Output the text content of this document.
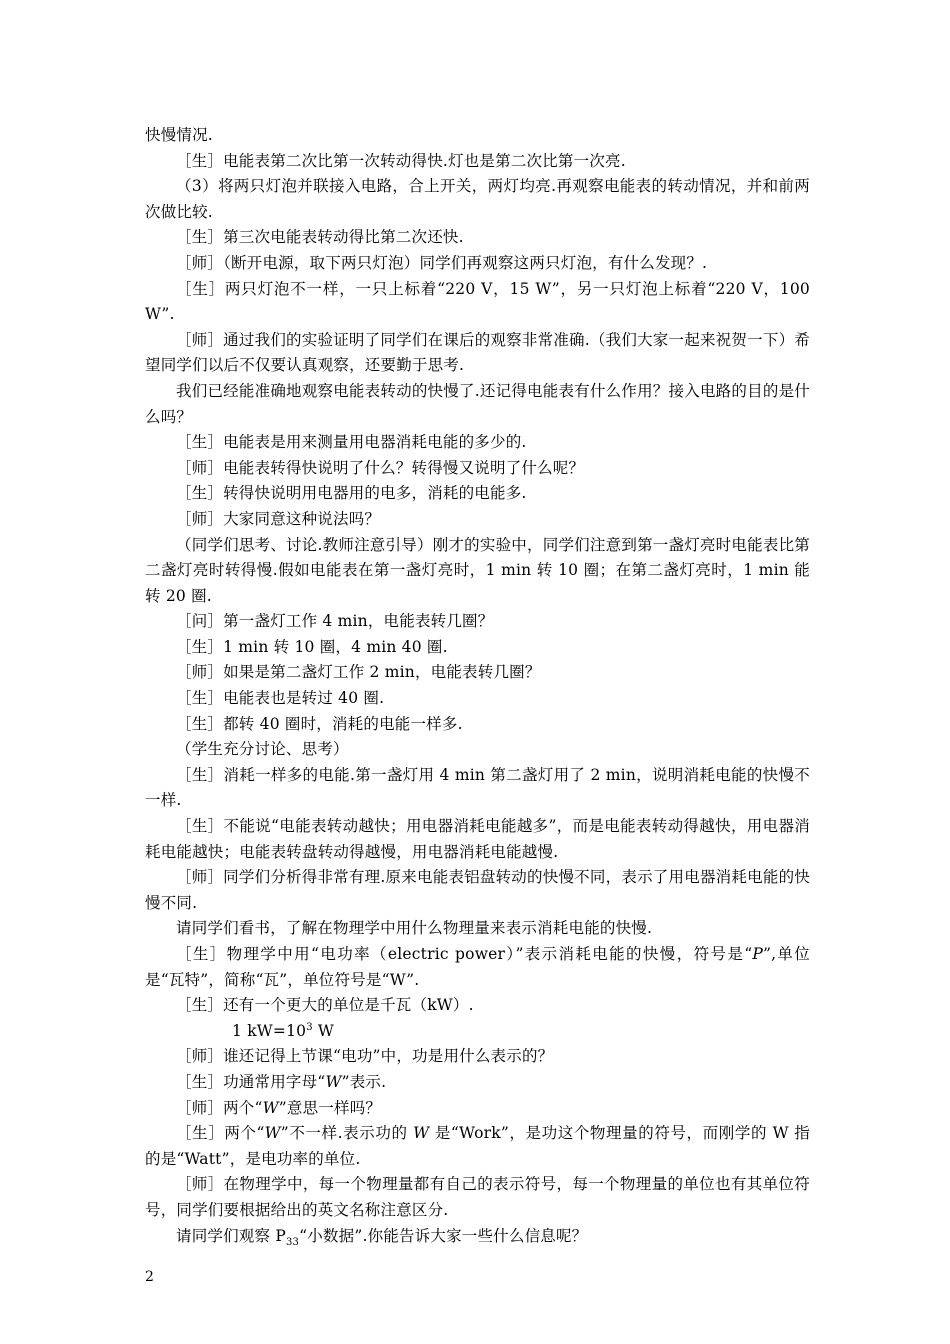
快慢情况.

［生］电能表第二次比第一次转动得快.灯也是第二次比第一次亮.

（3）将两只灯泡并联接入电路，合上开关，两灯均亮.再观察电能表的转动情况，并和前两次做比较.

［生］第三次电能表转动得比第二次还快.

［师］（断开电源，取下两只灯泡）同学们再观察这两只灯泡，有什么发现？.

［生］两只灯泡不一样，一只上标着“220 V，15 W”，另一只灯泡上标着“220 V，100 W”.

［师］通过我们的实验证明了同学们在课后的观察非常准确.（我们大家一起来祝贺一下）希望同学们以后不仅要认真观察，还要勤于思考.

我们已经能准确地观察电能表转动的快慢了.还记得电能表有什么作用？接入电路的目的是什么吗？

［生］电能表是用来测量用电器消耗电能的多少的.

［师］电能表转得快说明了什么？转得慢又说明了什么呢？

［生］转得快说明用电器用的电多，消耗的电能多.

［师］大家同意这种说法吗？

（同学们思考、讨论.教师注意引导）刚才的实验中，同学们注意到第一盏灯亮时电能表比第二盏灯亮时转得慢.假如电能表在第一盏灯亮时，1 min 转 10 圈；在第二盏灯亮时，1 min 能转 20 圈.

［问］第一盏灯工作 4 min，电能表转几圈？

［生］1 min 转 10 圈，4 min 40 圈.

［师］如果是第二盏灯工作 2 min，电能表转几圈？

［生］电能表也是转过 40 圈.

［生］都转 40 圈时，消耗的电能一样多.

（学生充分讨论、思考）

［生］消耗一样多的电能.第一盏灯用 4 min 第二盏灯用了 2 min，说明消耗电能的快慢不一样.

［生］不能说“电能表转动越快；用电器消耗电能越多”，而是电能表转动得越快，用电器消耗电能越快；电能表转盘转动得越慢，用电器消耗电能越慢.

［师］同学们分析得非常有理.原来电能表铝盘转动的快慢不同，表示了用电器消耗电能的快慢不同.

请同学们看书，了解在物理学中用什么物理量来表示消耗电能的快慢.

［生］物理学中用“电功率（electric power）”表示消耗电能的快慢，符号是“P”,单位是“瓦特”，简称“瓦”，单位符号是“W”.

［生］还有一个更大的单位是千瓦（kW）.

1 $kW=10^3$ W

［师］谁还记得上节课“电功”中，功是用什么表示的？

［生］功通常用字母“W”表示.

［师］两个“W”意思一样吗？

［生］两个“W”不一样.表示功的 W 是“Work”，是功这个物理量的符号，而刚学的 W 指的是“Watt”，是电功率的单位.

［师］在物理学中，每一个物理量都有自己的表示符号，每一个物理量的单位也有其单位符号，同学们要根据给出的英文名称注意区分.

请同学们观察 $P_{33}“$小数据”.你能告诉大家一些什么信息呢？

2
